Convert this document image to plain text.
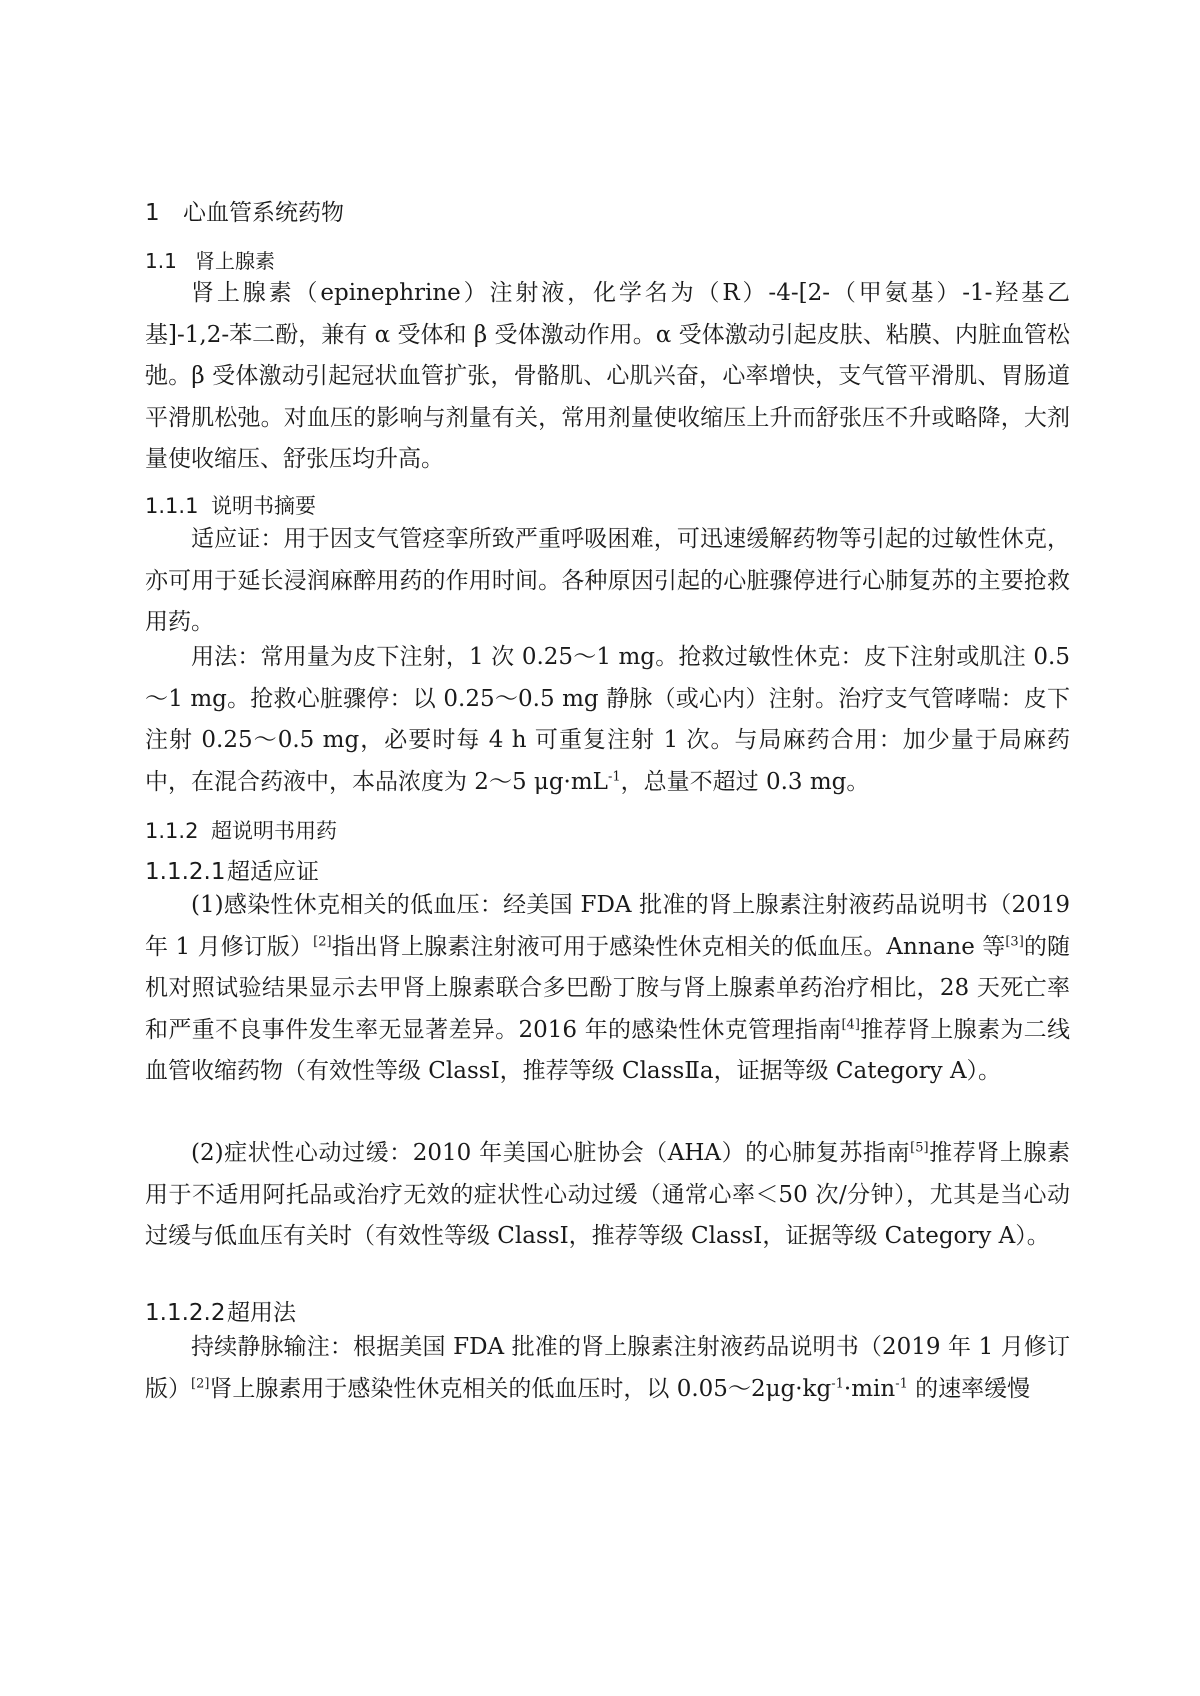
1 心血管系统药物
1.1 肾上腺素

肾上腺素（epinephrine）注射液，化学名为（R）-4-[2-（甲氨基）-1-羟基乙基]-1,2-苯二酚，兼有 α 受体和 β 受体激动作用。α 受体激动引起皮肤、粘膜、内脏血管松弛。β 受体激动引起冠状血管扩张，骨骼肌、心肌兴奋，心率增快，支气管平滑肌、胃肠道平滑肌松弛。对血压的影响与剂量有关，常用剂量使收缩压上升而舒张压不升或略降，大剂量使收缩压、舒张压均升高。

1.1.1 说明书摘要

适应证：用于因支气管痉挛所致严重呼吸困难，可迅速缓解药物等引起的过敏性休克，亦可用于延长浸润麻醉用药的作用时间。各种原因引起的心脏骤停进行心肺复苏的主要抢救用药。

用法：常用量为皮下注射，1 次 0.25～1 mg。抢救过敏性休克：皮下注射或肌注 0.5～1 mg。抢救心脏骤停：以 0.25～0.5 mg 静脉（或心内）注射。治疗支气管哮喘：皮下注射 0.25～0.5 mg，必要时每 4 h 可重复注射 1 次。与局麻药合用：加少量于局麻药中，在混合药液中，本品浓度为 2～5 $\mu g\cdot mL^{-1}$，总量不超过 0.3 mg。

1.1.2 超说明书用药
1.1.2.1超适应证

(1)感染性休克相关的低血压：经美国 FDA 批准的肾上腺素注射液药品说明书（2019 年 1 月修订版）[2]指出肾上腺素注射液可用于感染性休克相关的低血压。Annane 等[3]的随机对照试验结果显示去甲肾上腺素联合多巴酚丁胺与肾上腺素单药治疗相比，28 天死亡率和严重不良事件发生率无显著差异。2016 年的感染性休克管理指南[4]推荐肾上腺素为二线血管收缩药物（有效性等级 ClassⅠ，推荐等级 ClassⅡa，证据等级 Category A）。

(2)症状性心动过缓：2010 年美国心脏协会（AHA）的心肺复苏指南[5]推荐肾上腺素用于不适用阿托品或治疗无效的症状性心动过缓（通常心率＜50 次/分钟），尤其是当心动过缓与低血压有关时（有效性等级 ClassⅠ，推荐等级 ClassⅠ，证据等级 Category A）。

1.1.2.2超用法

持续静脉输注：根据美国 FDA 批准的肾上腺素注射液药品说明书（2019 年 1 月修订版）[2]肾上腺素用于感染性休克相关的低血压时，以 $0.05\sim 2\mu g\cdot kg^{-1}\cdot\min^{-1}$ 的速率缓慢
